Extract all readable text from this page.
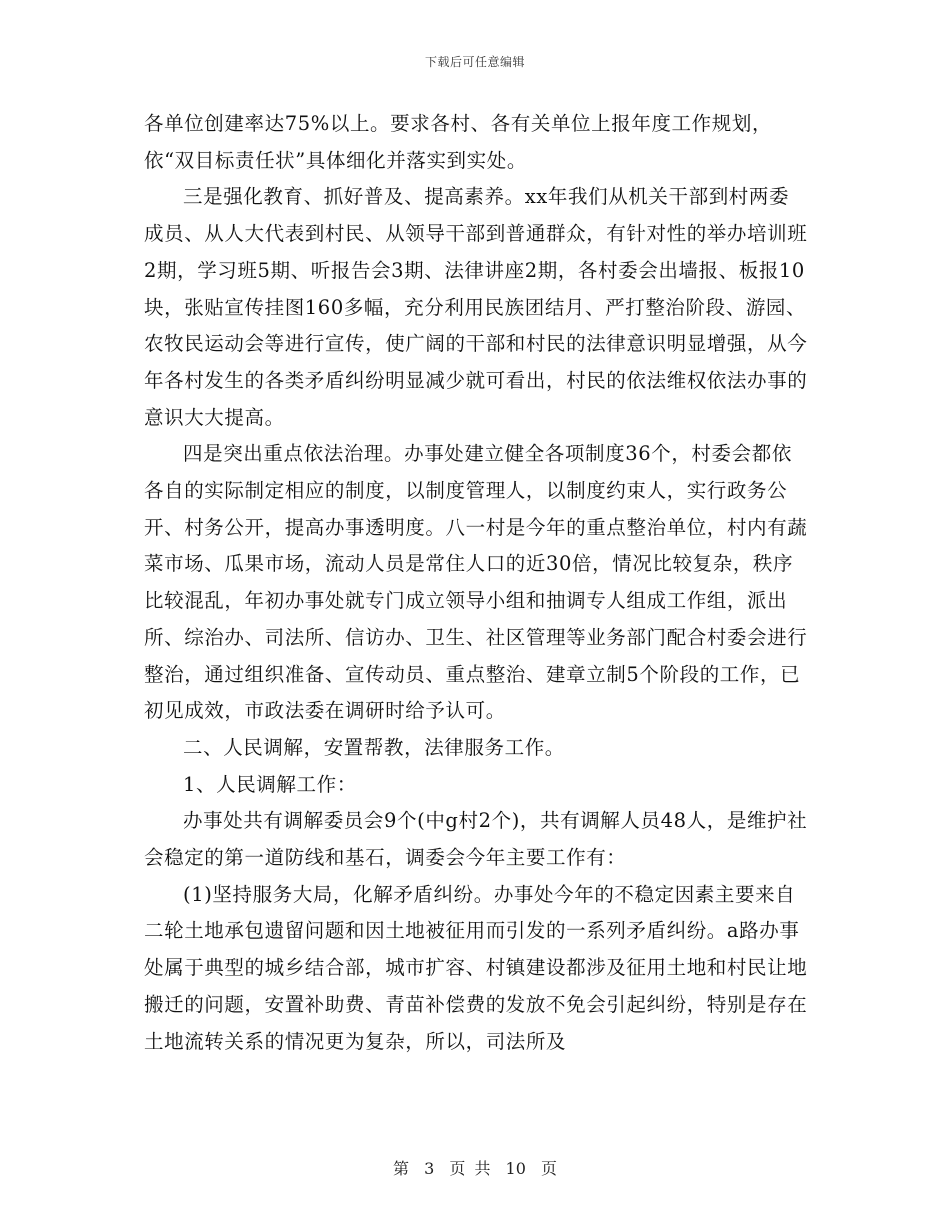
下载后可任意编辑

各单位创建率达75%以上。要求各村、各有关单位上报年度工作规划，依“双目标责任状”具体细化并落实到实处。

三是强化教育、抓好普及、提高素养。xx年我们从机关干部到村两委成员、从人大代表到村民、从领导干部到普通群众，有针对性的举办培训班2期，学习班5期、听报告会3期、法律讲座2期，各村委会出墙报、板报10块，张贴宣传挂图160多幅，充分利用民族团结月、严打整治阶段、游园、农牧民运动会等进行宣传，使广阔的干部和村民的法律意识明显增强，从今年各村发生的各类矛盾纠纷明显减少就可看出，村民的依法维权依法办事的意识大大提高。

四是突出重点依法治理。办事处建立健全各项制度36个，村委会都依各自的实际制定相应的制度，以制度管理人，以制度约束人，实行政务公开、村务公开，提高办事透明度。八一村是今年的重点整治单位，村内有蔬菜市场、瓜果市场，流动人员是常住人口的近30倍，情况比较复杂，秩序比较混乱，年初办事处就专门成立领导小组和抽调专人组成工作组，派出所、综治办、司法所、信访办、卫生、社区管理等业务部门配合村委会进行整治，通过组织准备、宣传动员、重点整治、建章立制5个阶段的工作，已初见成效，市政法委在调研时给予认可。

二、人民调解，安置帮教，法律服务工作。

1、人民调解工作：

办事处共有调解委员会9个(中g村2个)，共有调解人员48人，是维护社会稳定的第一道防线和基石，调委会今年主要工作有：

(1)坚持服务大局，化解矛盾纠纷。办事处今年的不稳定因素主要来自二轮土地承包遗留问题和因土地被征用而引发的一系列矛盾纠纷。a路办事处属于典型的城乡结合部，城市扩容、村镇建设都涉及征用土地和村民让地搬迁的问题，安置补助费、青苗补偿费的发放不免会引起纠纷，特别是存在土地流转关系的情况更为复杂，所以，司法所及

第 3 页 共 10 页
